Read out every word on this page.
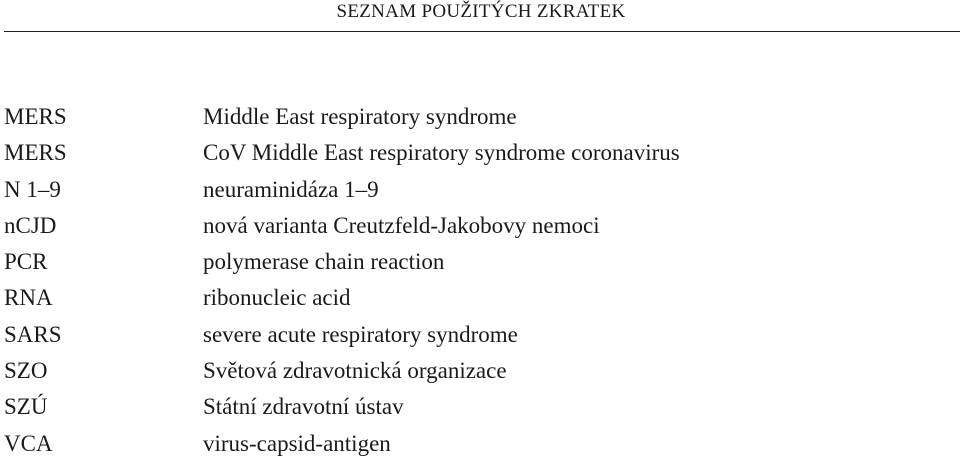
SEZNAM POUŽITÝCH ZKRATEK
MERS	Middle East respiratory syndrome
MERS	CoV Middle East respiratory syndrome coronavirus
N 1–9	neuraminidáza 1–9
nCJD	nová varianta Creutzfeld-Jakobovy nemoci
PCR	polymerase chain reaction
RNA	ribonucleic acid
SARS	severe acute respiratory syndrome
SZO	Světová zdravotnická organizace
SZÚ	Státní zdravotní ústav
VCA	virus-capsid-antigen
